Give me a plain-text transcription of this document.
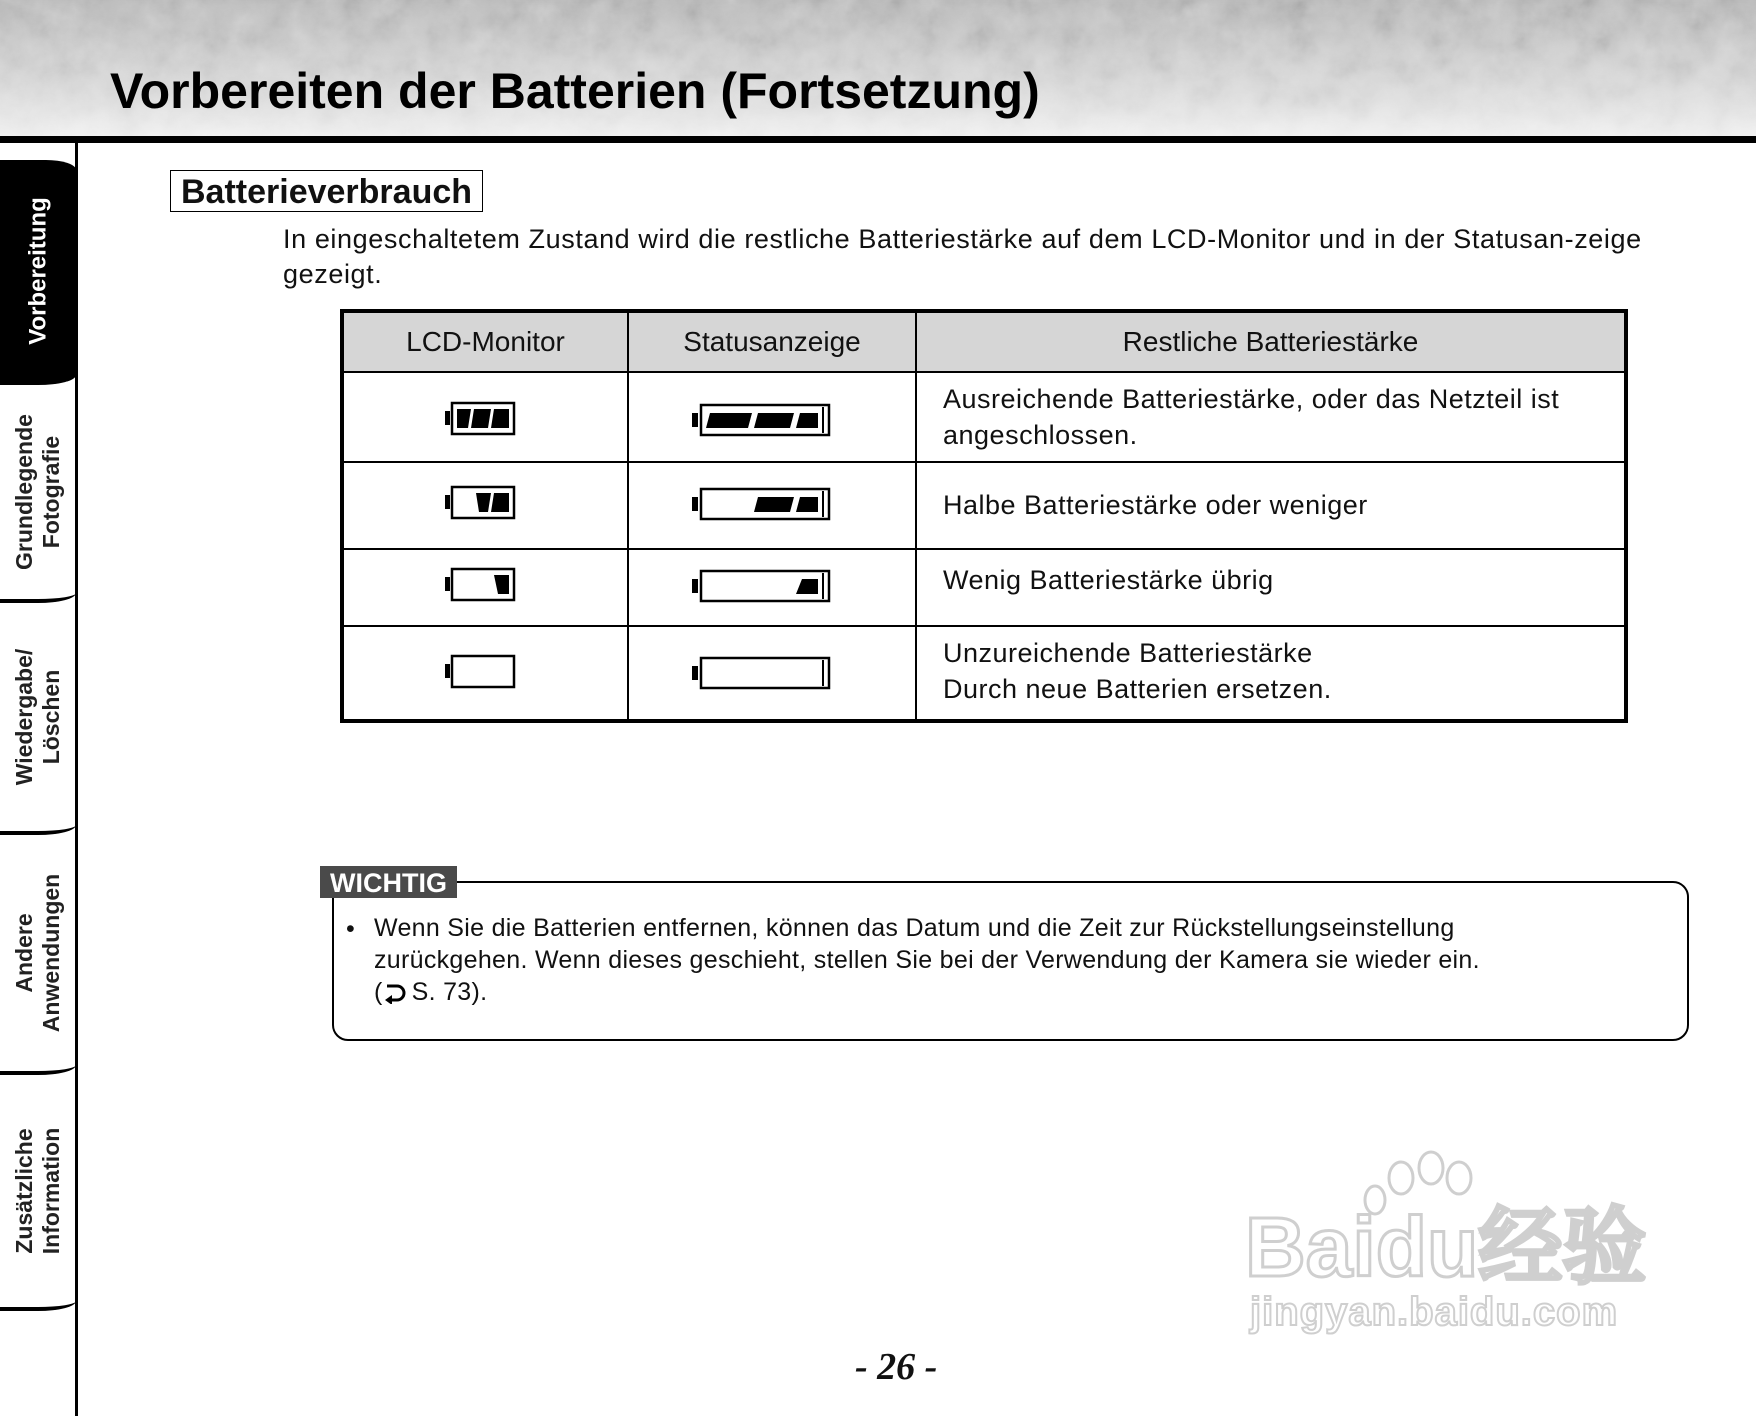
Vorbereiten der Batterien (Fortsetzung)
Vorbereitung
Grundlegende
Fotografie
Wiedergabe/
Löschen
Andere
Anwendungen
Zusätzliche
Information
Batterieverbrauch
In eingeschaltetem Zustand wird die restliche Batteriestärke auf dem LCD-Monitor und in der Statusan-zeige gezeigt.
LCD-Monitor	Statusanzeige	Restliche Batteriestärke
Ausreichende Batteriestärke, oder das Netzteil ist
angeschlossen.
Halbe Batteriestärke oder weniger
Wenig Batteriestärke übrig
Unzureichende Batteriestärke
Durch neue Batterien ersetzen.
WICHTIG
• Wenn Sie die Batterien entfernen, können das Datum und die Zeit zur Rückstellungseinstellung
zurückgehen. Wenn dieses geschieht, stellen Sie bei der Verwendung der Kamera sie wieder ein.
( S. 73).
- 26 -
Baidu经验
jingyan.baidu.com
